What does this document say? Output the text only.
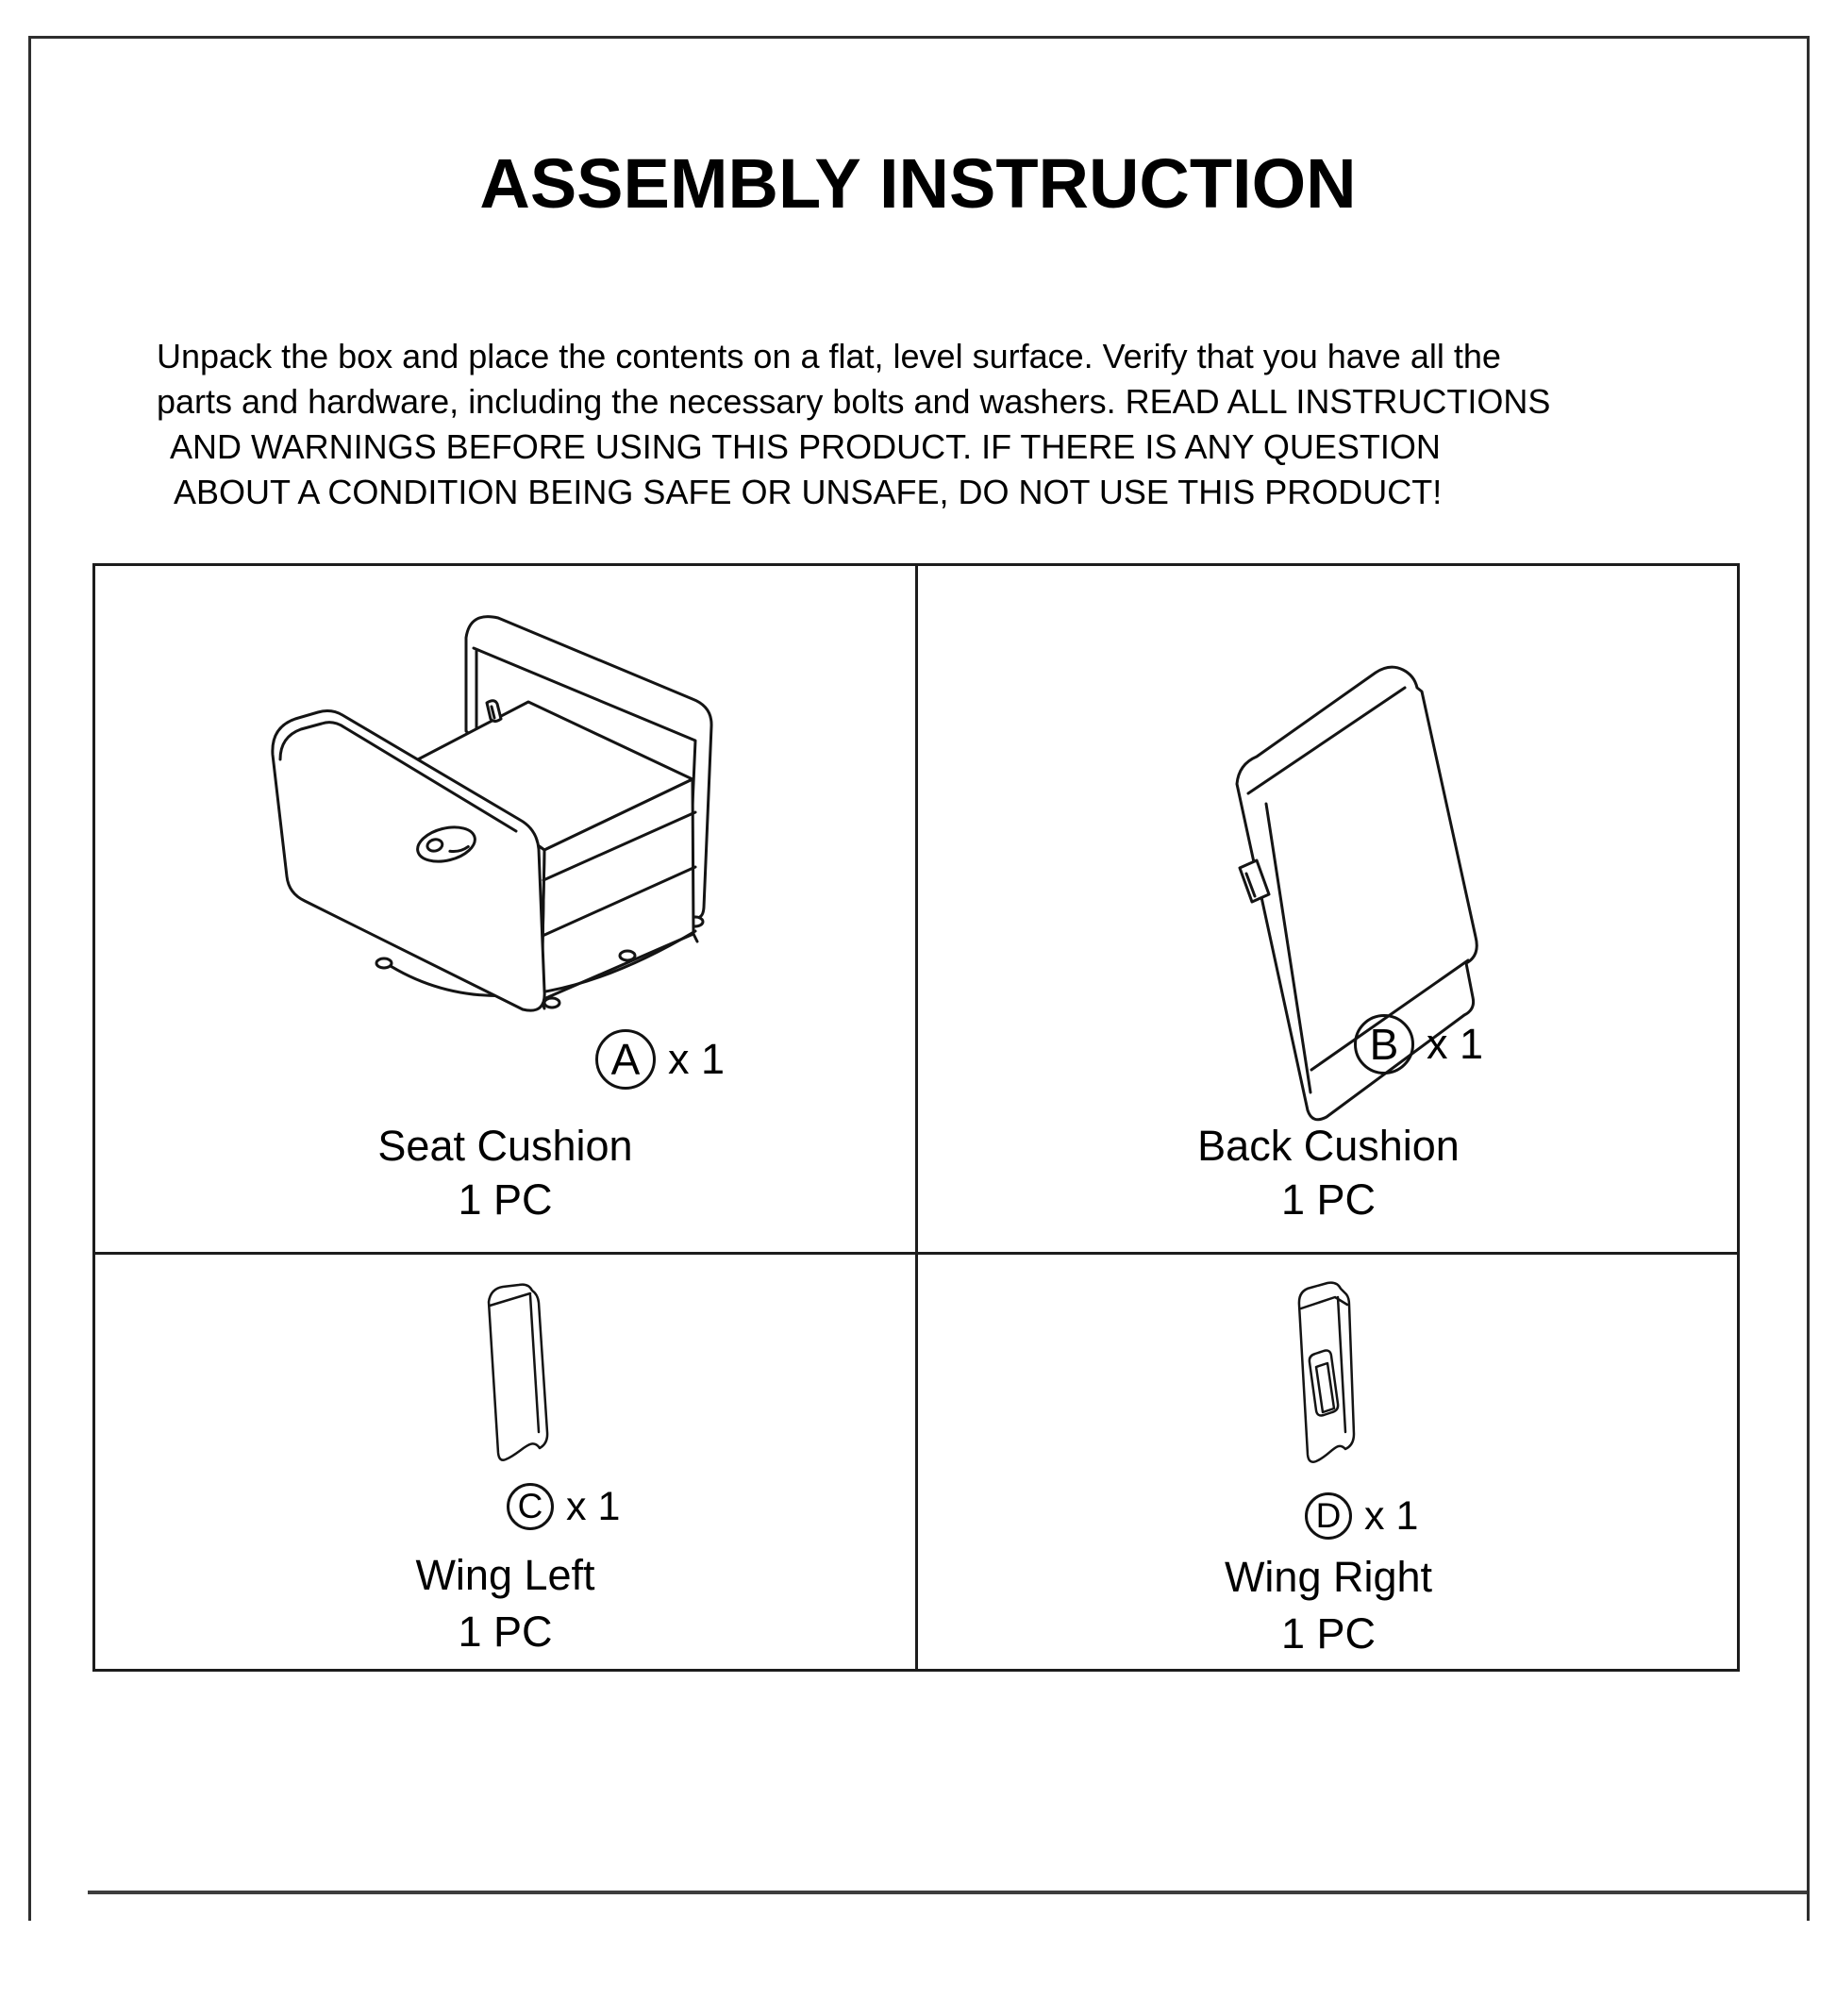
ASSEMBLY INSTRUCTION
Unpack the box and place the contents on a flat, level surface. Verify that you have all the
parts and hardware, including the necessary bolts and washers. READ ALL INSTRUCTIONS
AND WARNINGS BEFORE USING THIS PRODUCT. IF THERE IS ANY QUESTION
ABOUT A CONDITION BEING SAFE OR UNSAFE, DO NOT USE THIS PRODUCT!
A x 1
Seat Cushion
1 PC
B x 1
Back Cushion
1 PC
C x 1
Wing Left
1 PC
D x 1
Wing Right
1 PC
